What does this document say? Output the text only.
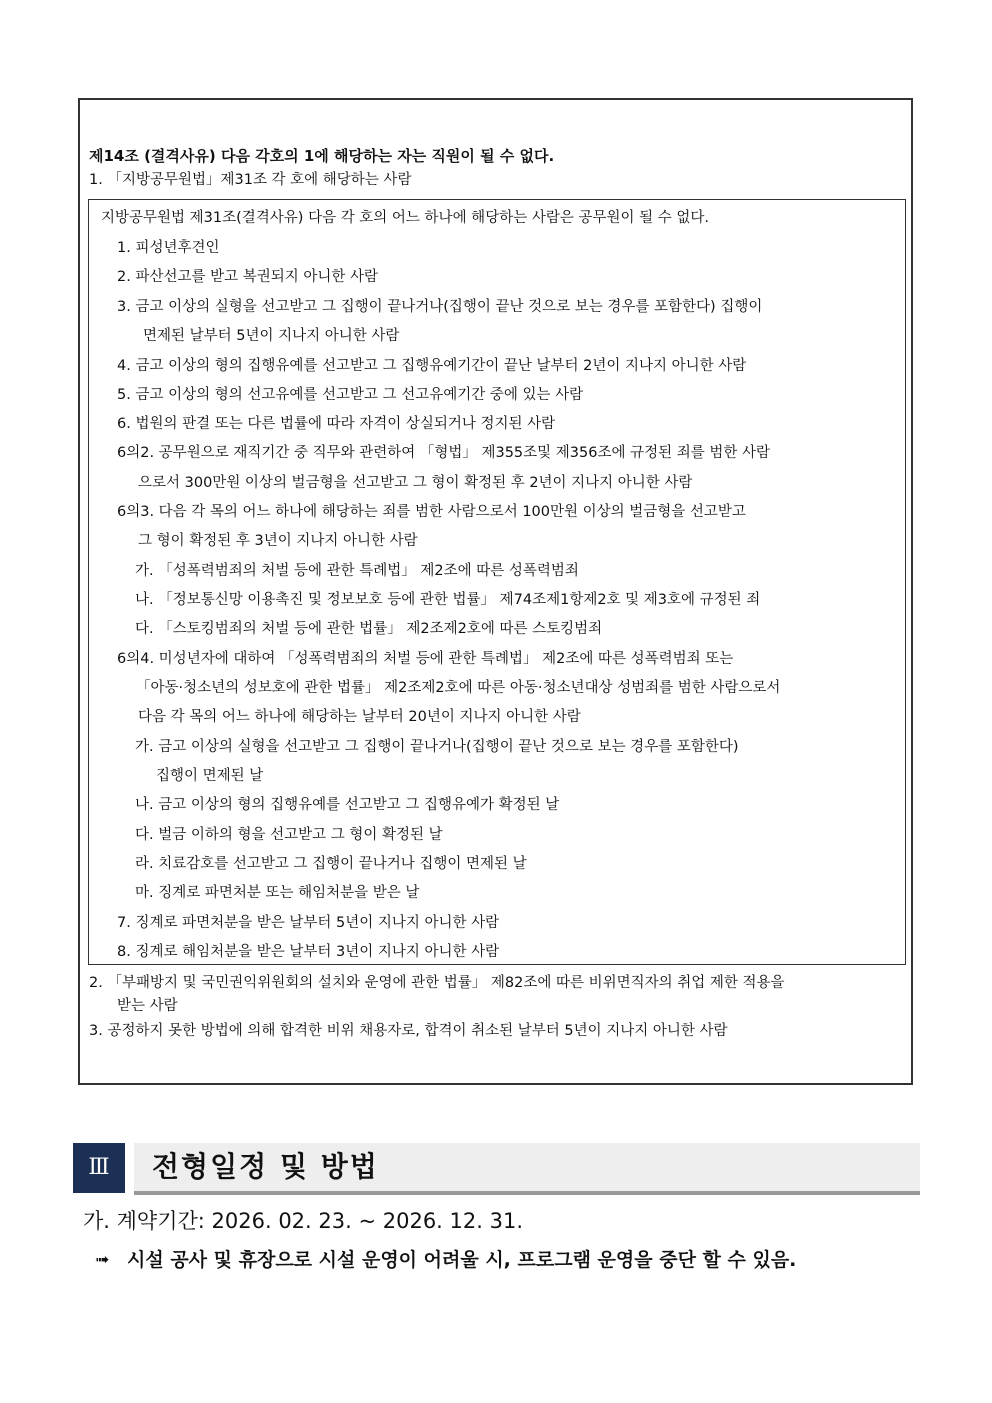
제14조 (결격사유) 다음 각호의 1에 해당하는 자는 직원이 될 수 없다.
1. 「지방공무원법」제31조 각 호에 해당하는 사람
지방공무원법 제31조(결격사유) 다음 각 호의 어느 하나에 해당하는 사람은 공무원이 될 수 없다.
1. 피성년후견인
2. 파산선고를 받고 복권되지 아니한 사람
3. 금고 이상의 실형을 선고받고 그 집행이 끝나거나(집행이 끝난 것으로 보는 경우를 포함한다) 집행이
면제된 날부터 5년이 지나지 아니한 사람
4. 금고 이상의 형의 집행유예를 선고받고 그 집행유예기간이 끝난 날부터 2년이 지나지 아니한 사람
5. 금고 이상의 형의 선고유예를 선고받고 그 선고유예기간 중에 있는 사람
6. 법원의 판결 또는 다른 법률에 따라 자격이 상실되거나 정지된 사람
6의2. 공무원으로 재직기간 중 직무와 관련하여 「형법」 제355조및 제356조에 규정된 죄를 범한 사람
으로서 300만원 이상의 벌금형을 선고받고 그 형이 확정된 후 2년이 지나지 아니한 사람
6의3. 다음 각 목의 어느 하나에 해당하는 죄를 범한 사람으로서 100만원 이상의 벌금형을 선고받고
그 형이 확정된 후 3년이 지나지 아니한 사람
가. 「성폭력범죄의 처벌 등에 관한 특례법」 제2조에 따른 성폭력범죄
나. 「정보통신망 이용촉진 및 정보보호 등에 관한 법률」 제74조제1항제2호 및 제3호에 규정된 죄
다. 「스토킹범죄의 처벌 등에 관한 법률」 제2조제2호에 따른 스토킹범죄
6의4. 미성년자에 대하여 「성폭력범죄의 처벌 등에 관한 특례법」 제2조에 따른 성폭력범죄 또는
「아동·청소년의 성보호에 관한 법률」 제2조제2호에 따른 아동·청소년대상 성범죄를 범한 사람으로서
다음 각 목의 어느 하나에 해당하는 날부터 20년이 지나지 아니한 사람
가. 금고 이상의 실형을 선고받고 그 집행이 끝나거나(집행이 끝난 것으로 보는 경우를 포함한다)
집행이 면제된 날
나. 금고 이상의 형의 집행유예를 선고받고 그 집행유예가 확정된 날
다. 벌금 이하의 형을 선고받고 그 형이 확정된 날
라. 치료감호를 선고받고 그 집행이 끝나거나 집행이 면제된 날
마. 징계로 파면처분 또는 해임처분을 받은 날
7. 징계로 파면처분을 받은 날부터 5년이 지나지 아니한 사람
8. 징계로 해임처분을 받은 날부터 3년이 지나지 아니한 사람
2. 「부패방지 및 국민권익위원회의 설치와 운영에 관한 법률」 제82조에 따른 비위면직자의 취업 제한 적용을
받는 사람
3. 공정하지 못한 방법에 의해 합격한 비위 채용자로, 합격이 취소된 날부터 5년이 지나지 아니한 사람
Ⅲ	전형일정 및 방법
가. 계약기간: 2026. 02. 23. ~ 2026. 12. 31.
➟ 시설 공사 및 휴장으로 시설 운영이 어려울 시, 프로그램 운영을 중단 할 수 있음.
